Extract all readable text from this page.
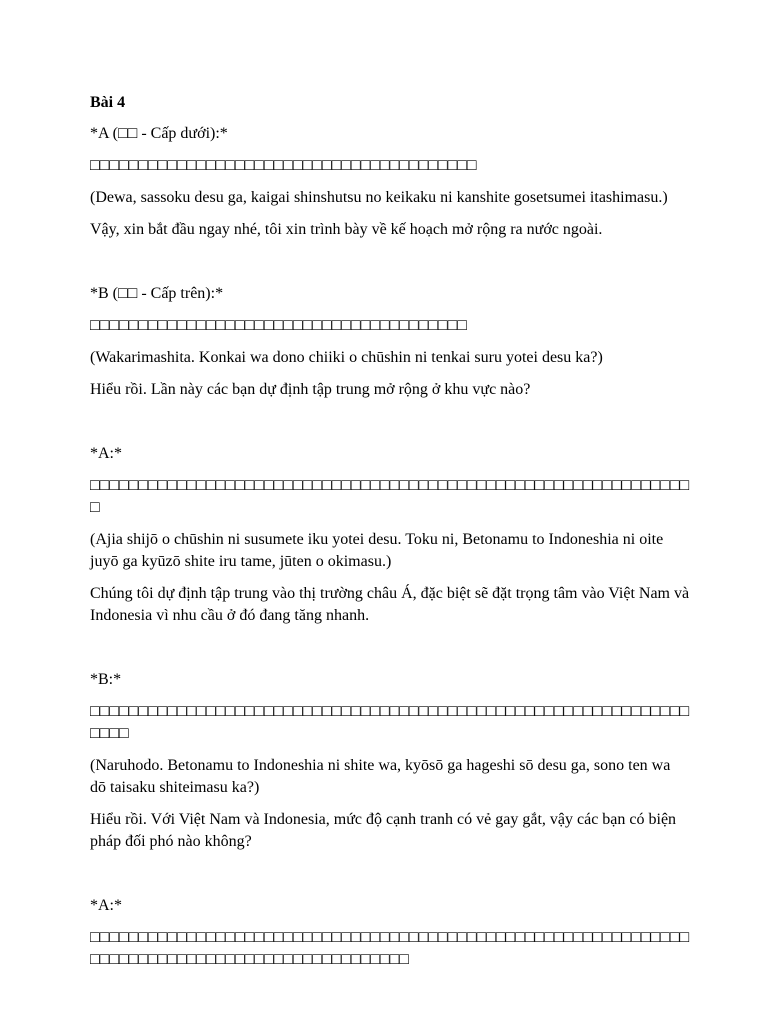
Bài 4
*A (□□ - Cấp dưới):*
□□□□□□□□□□□□□□□□□□□□□□□□□□□□□□□□□□□□□□□□
(Dewa, sassoku desu ga, kaigai shinshutsu no keikaku ni kanshite gosetsumei itashimasu.)
Vậy, xin bắt đầu ngay nhé, tôi xin trình bày về kế hoạch mở rộng ra nước ngoài.
*B (□□ - Cấp trên):*
□□□□□□□□□□□□□□□□□□□□□□□□□□□□□□□□□□□□□□□
(Wakarimashita. Konkai wa dono chiiki o chūshin ni tenkai suru yotei desu ka?)
Hiểu rồi. Lần này các bạn dự định tập trung mở rộng ở khu vực nào?
*A:*
□□□□□□□□□□□□□□□□□□□□□□□□□□□□□□□□□□□□□□□□□□□□□□□□□□□□□□□□□□□□□□□
(Ajia shijō o chūshin ni susumete iku yotei desu. Toku ni, Betonamu to Indoneshia ni oite juyō ga kyūzō shite iru tame, jūten o okimasu.)
Chúng tôi dự định tập trung vào thị trường châu Á, đặc biệt sẽ đặt trọng tâm vào Việt Nam và Indonesia vì nhu cầu ở đó đang tăng nhanh.
*B:*
□□□□□□□□□□□□□□□□□□□□□□□□□□□□□□□□□□□□□□□□□□□□□□□□□□□□□□□□□□□□□□□□□□
(Naruhodo. Betonamu to Indoneshia ni shite wa, kyōsō ga hageshi sō desu ga, sono ten wa dō taisaku shiteimasu ka?)
Hiểu rồi. Với Việt Nam và Indonesia, mức độ cạnh tranh có vẻ gay gắt, vậy các bạn có biện pháp đối phó nào không?
*A:*
□□□□□□□□□□□□□□□□□□□□□□□□□□□□□□□□□□□□□□□□□□□□□□□□□□□□□□□□□□□□□□□□□□□□□□□□□□□□□□□□□□□□□□□□□□□□□□□
